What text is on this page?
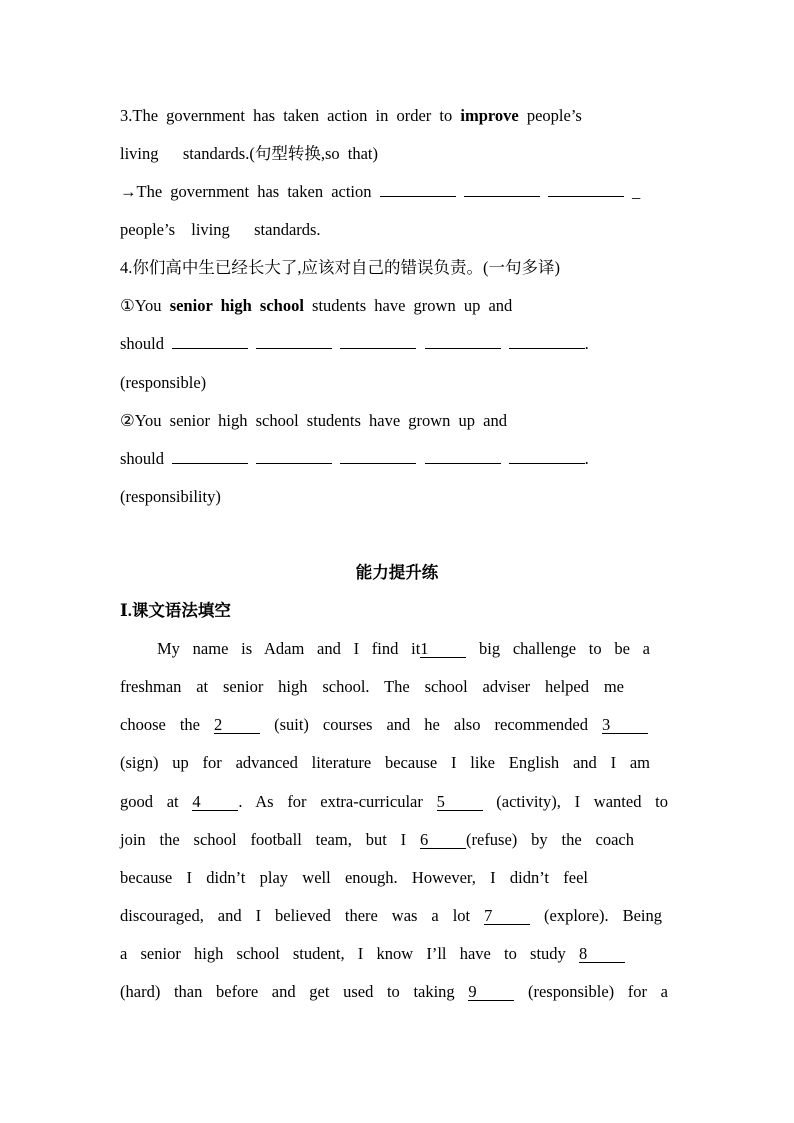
3.The government has taken action in order to improve people’s
living   standards.(句型转换,so that)
→The government has taken action	_
people’s  living   standards.
4.你们高中生已经长大了,应该对自己的错误负责。(一句多译)
①You senior high school students have grown up and
should	.
(responsible)
②You senior high school students have grown up and
should	.
(responsibility)
能力提升练
Ⅰ.课文语法填空
My name is Adam and I find it1 big challenge to be a
freshman at senior high school. The school adviser helped me
choose the 2 (suit) courses and he also recommended 3
(sign) up for advanced literature because I like English and I am
good at 4 . As for extra-curricular 5 (activity), I wanted to
join the school football team, but I 6 (refuse) by the coach
because I didn’t play well enough. However, I didn’t feel
discouraged, and I believed there was a lot 7 (explore). Being
a senior high school student, I know I’ll have to study 8
(hard) than before and get used to taking 9 (responsible) for a
